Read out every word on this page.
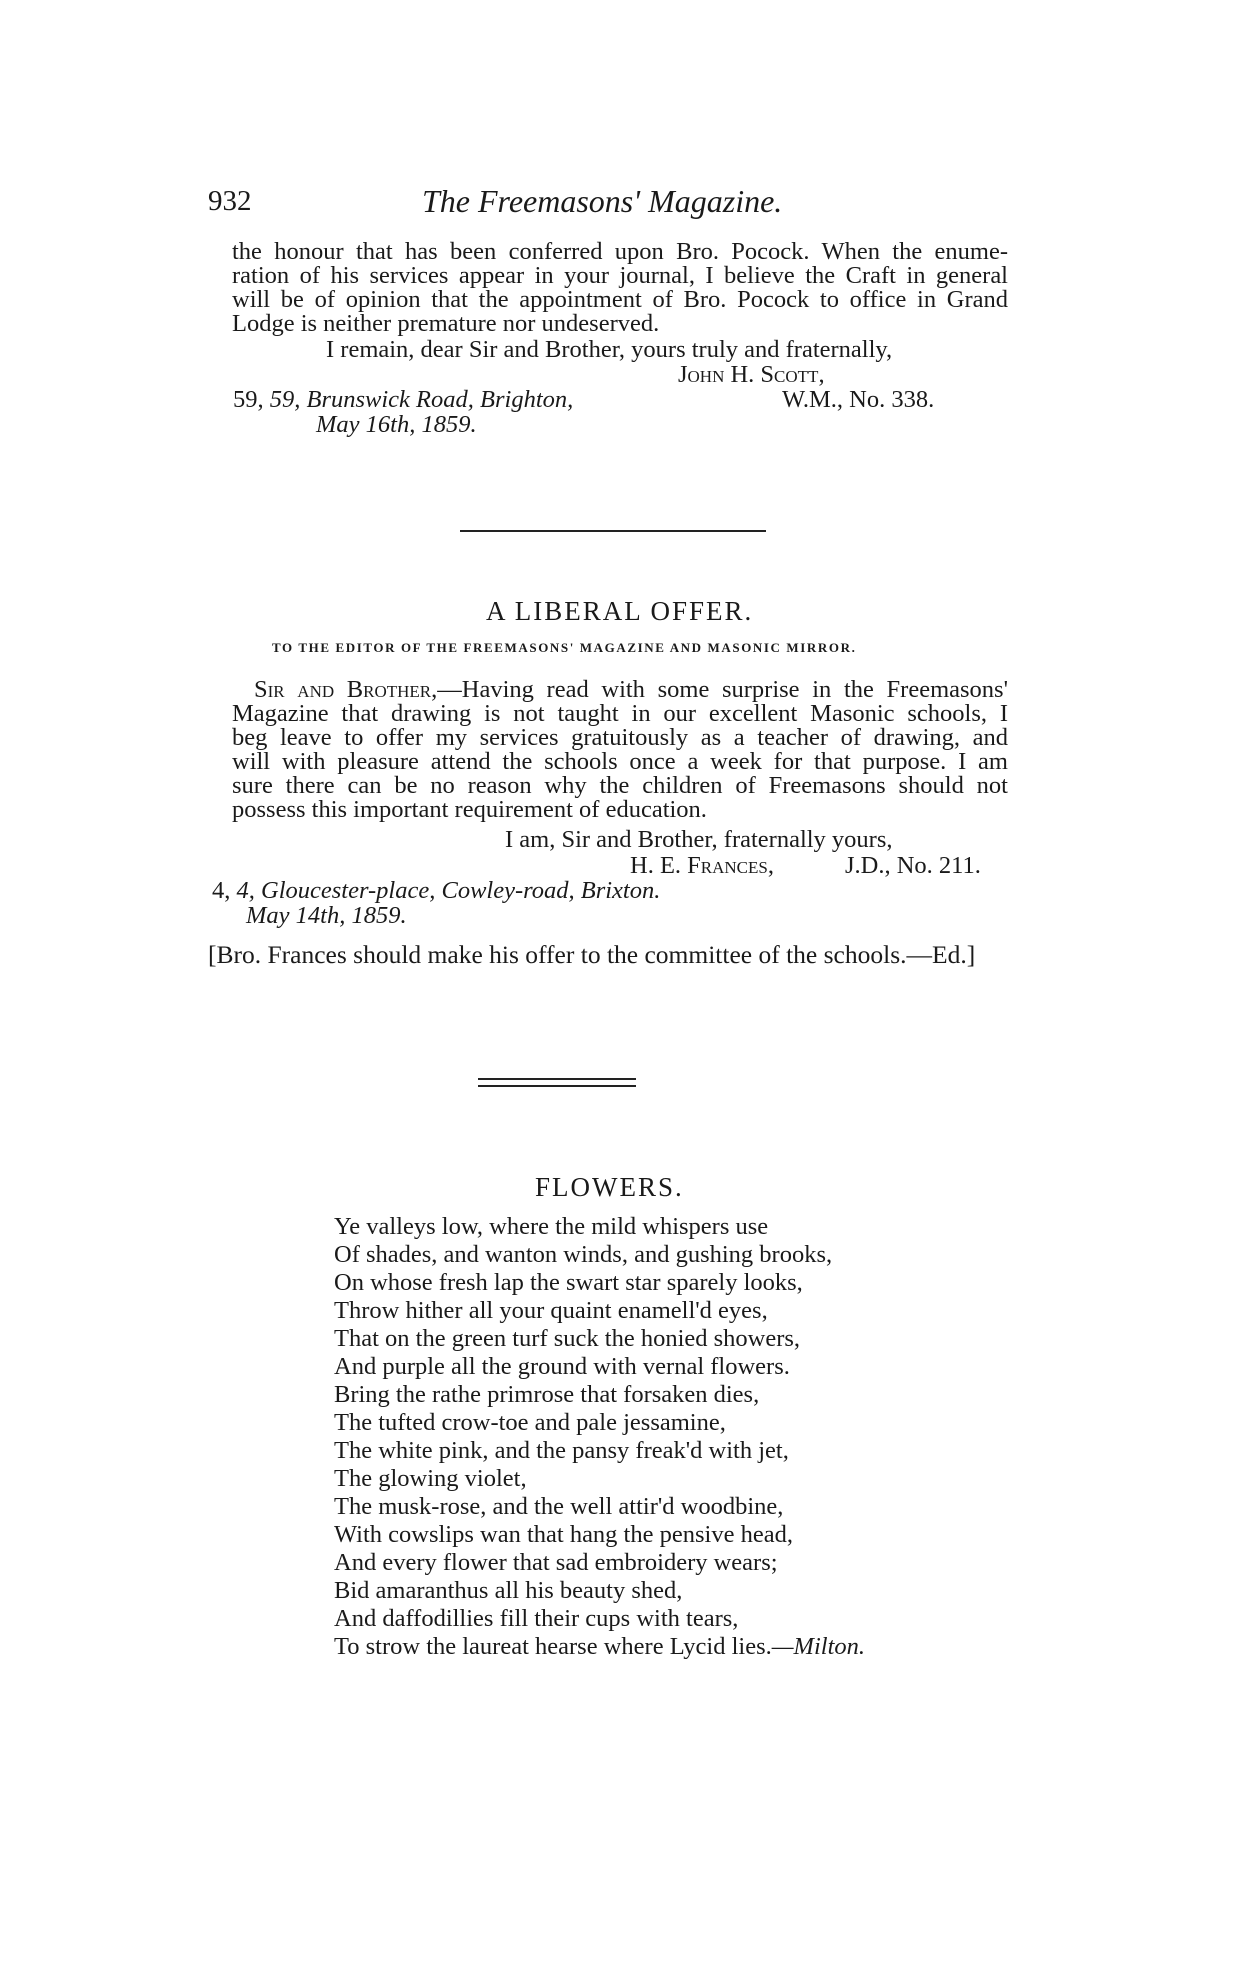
932	The Freemasons' Magazine.
the honour that has been conferred upon Bro. Pocock. When the enume-
ration of his services appear in your journal, I believe the Craft in general
will be of opinion that the appointment of Bro. Pocock to office in Grand
Lodge is neither premature nor undeserved.
I remain, dear Sir and Brother, yours truly and fraternally,
John H. Scott,
59, 59, Brunswick Road, Brighton,	W.M., No. 338.
May 16th, 1859.
A LIBERAL OFFER.
TO THE EDITOR OF THE FREEMASONS' MAGAZINE AND MASONIC MIRROR.
Sir and Brother,—Having read with some surprise in the Freemasons'
Magazine that drawing is not taught in our excellent Masonic schools, I
beg leave to offer my services gratuitously as a teacher of drawing, and
will with pleasure attend the schools once a week for that purpose. I am
sure there can be no reason why the children of Freemasons should not
possess this important requirement of education.
I am, Sir and Brother, fraternally yours,
H. E. Frances,	J.D., No. 211.
4, 4, Gloucester-place, Cowley-road, Brixton.
May 14th, 1859.
[Bro. Frances should make his offer to the committee of the schools.—Ed.]
FLOWERS.
Ye valleys low, where the mild whispers use
Of shades, and wanton winds, and gushing brooks,
On whose fresh lap the swart star sparely looks,
Throw hither all your quaint enamell'd eyes,
That on the green turf suck the honied showers,
And purple all the ground with vernal flowers.
Bring the rathe primrose that forsaken dies,
The tufted crow-toe and pale jessamine,
The white pink, and the pansy freak'd with jet,
The glowing violet,
The musk-rose, and the well attir'd woodbine,
With cowslips wan that hang the pensive head,
And every flower that sad embroidery wears;
Bid amaranthus all his beauty shed,
And daffodillies fill their cups with tears,
To strow the laureat hearse where Lycid lies.—Milton.
